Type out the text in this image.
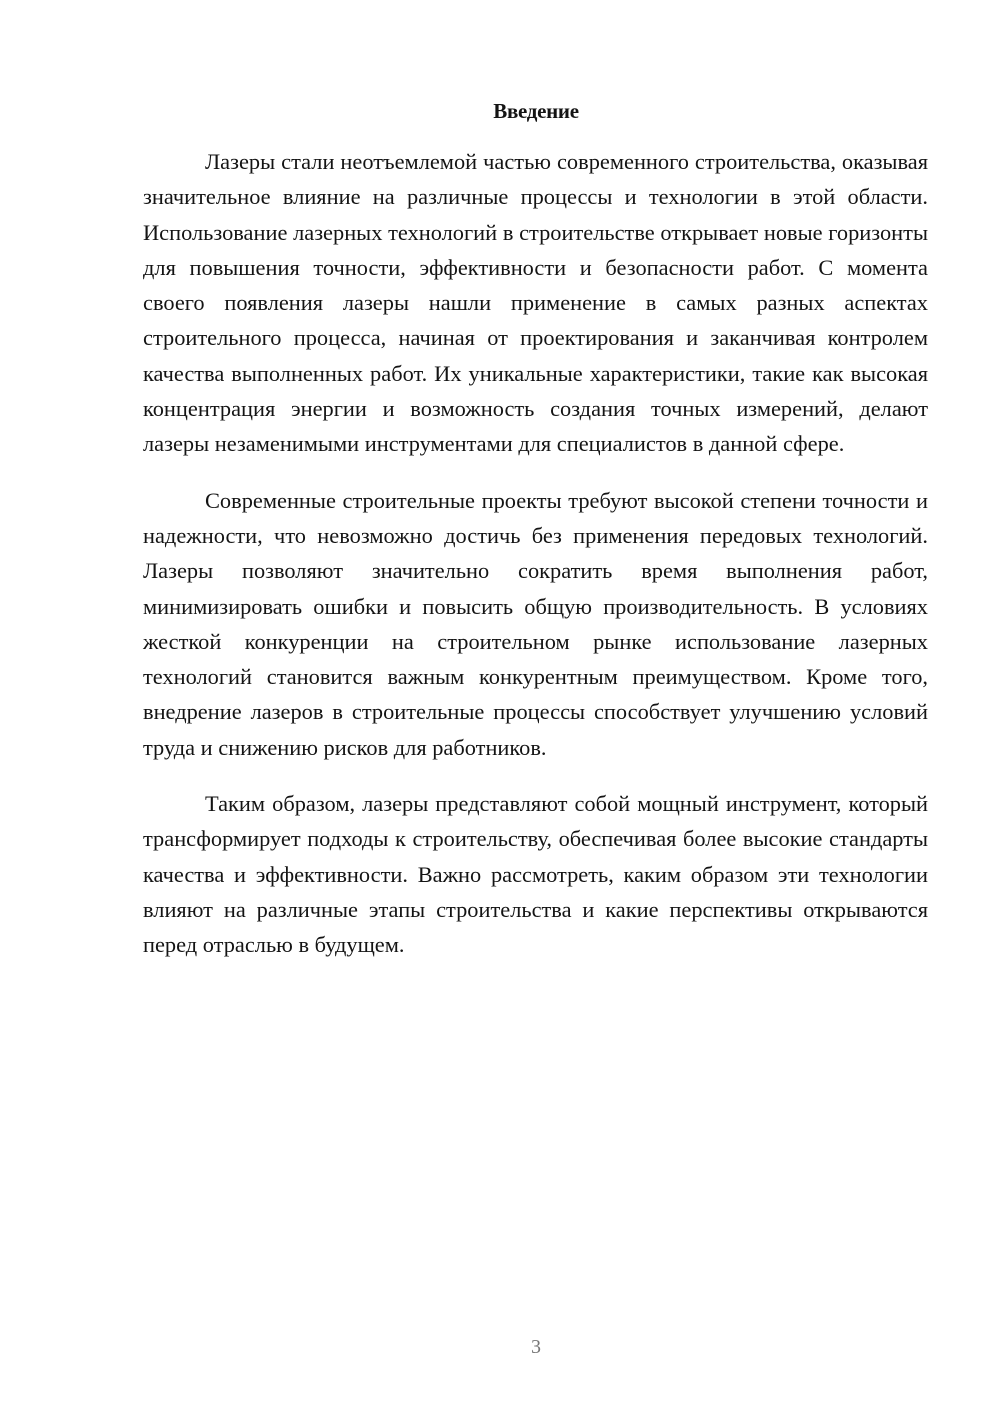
Введение

Лазеры стали неотъемлемой частью современного строительства, оказывая значительное влияние на различные процессы и технологии в этой области. Использование лазерных технологий в строительстве открывает новые горизонты для повышения точности, эффективности и безопасности работ. С момента своего появления лазеры нашли применение в самых разных аспектах строительного процесса, начиная от проектирования и заканчивая контролем качества выполненных работ. Их уникальные характеристики, такие как высокая концентрация энергии и возможность создания точных измерений, делают лазеры незаменимыми инструментами для специалистов в данной сфере.

Современные строительные проекты требуют высокой степени точности и надежности, что невозможно достичь без применения передовых технологий. Лазеры позволяют значительно сократить время выполнения работ, минимизировать ошибки и повысить общую производительность. В условиях жесткой конкуренции на строительном рынке использование лазерных технологий становится важным конкурентным преимуществом. Кроме того, внедрение лазеров в строительные процессы способствует улучшению условий труда и снижению рисков для работников.

Таким образом, лазеры представляют собой мощный инструмент, который трансформирует подходы к строительству, обеспечивая более высокие стандарты качества и эффективности. Важно рассмотреть, каким образом эти технологии влияют на различные этапы строительства и какие перспективы открываются перед отраслью в будущем.

3
